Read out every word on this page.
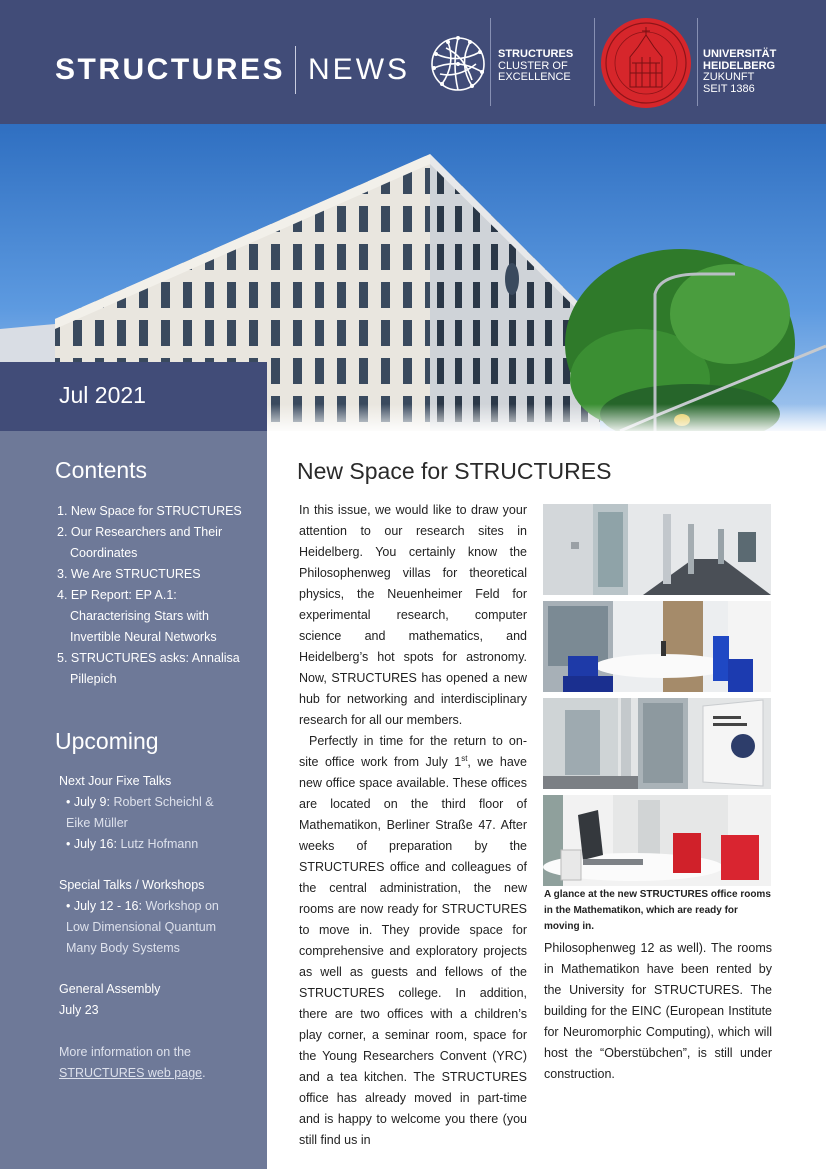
STRUCTURES NEWS	STRUCTURES
CLUSTER OF
EXCELLENCE
UNIVERSITÄT
HEIDELBERG
ZUKUNFT
SEIT 1386
Jul 2021
Contents
1. New Space for STRUCTURES
2. Our Researchers and Their Coordinates
3. We Are STRUCTURES
4. EP Report: EP A.1: Characterising Stars with Invertible Neural Networks
5. STRUCTURES asks: Annalisa Pillepich
Upcoming
Next Jour Fixe Talks
• July 9: Robert Scheichl &
Eike Müller
• July 16: Lutz Hofmann
Special Talks / Workshops
• July 12 - 16: Workshop on
Low Dimensional Quantum
Many Body Systems
General Assembly
July 23
More information on the
STRUCTURES web page.
New Space for STRUCTURES

In this issue, we would like to draw your attention to our research sites in Heidelberg. You certainly know the Philosophenweg villas for theoretical physics, the Neuenheimer Feld for experimental research, computer science and mathematics, and Heidelberg’s hot spots for astronomy. Now, STRUCTURES has opened a new hub for networking and interdisciplinary research for all our members.

Perfectly in time for the return to on-site office work from July 1st, we have new office space available. These offices are located on the third floor of Mathematikon, Berliner Straße 47. After weeks of preparation by the STRUCTURES office and colleagues of the central administration, the new rooms are now ready for STRUCTURES to move in. They provide space for comprehensive and exploratory projects as well as guests and fellows of the STRUCTURES college. In addition, there are two offices with a children’s play corner, a seminar room, space for the Young Researchers Convent (YRC) and a tea kitchen. The STRUCTURES office has already moved in part-time and is happy to welcome you there (you still find us in

A glance at the new STRUCTURES office rooms in the Mathematikon, which are ready for moving in.

Philosophenweg 12 as well). The rooms in Mathematikon have been rented by the University for STRUCTURES. The building for the EINC (European Institute for Neuromorphic Computing), which will host the “Oberstübchen”, is still under construction.
